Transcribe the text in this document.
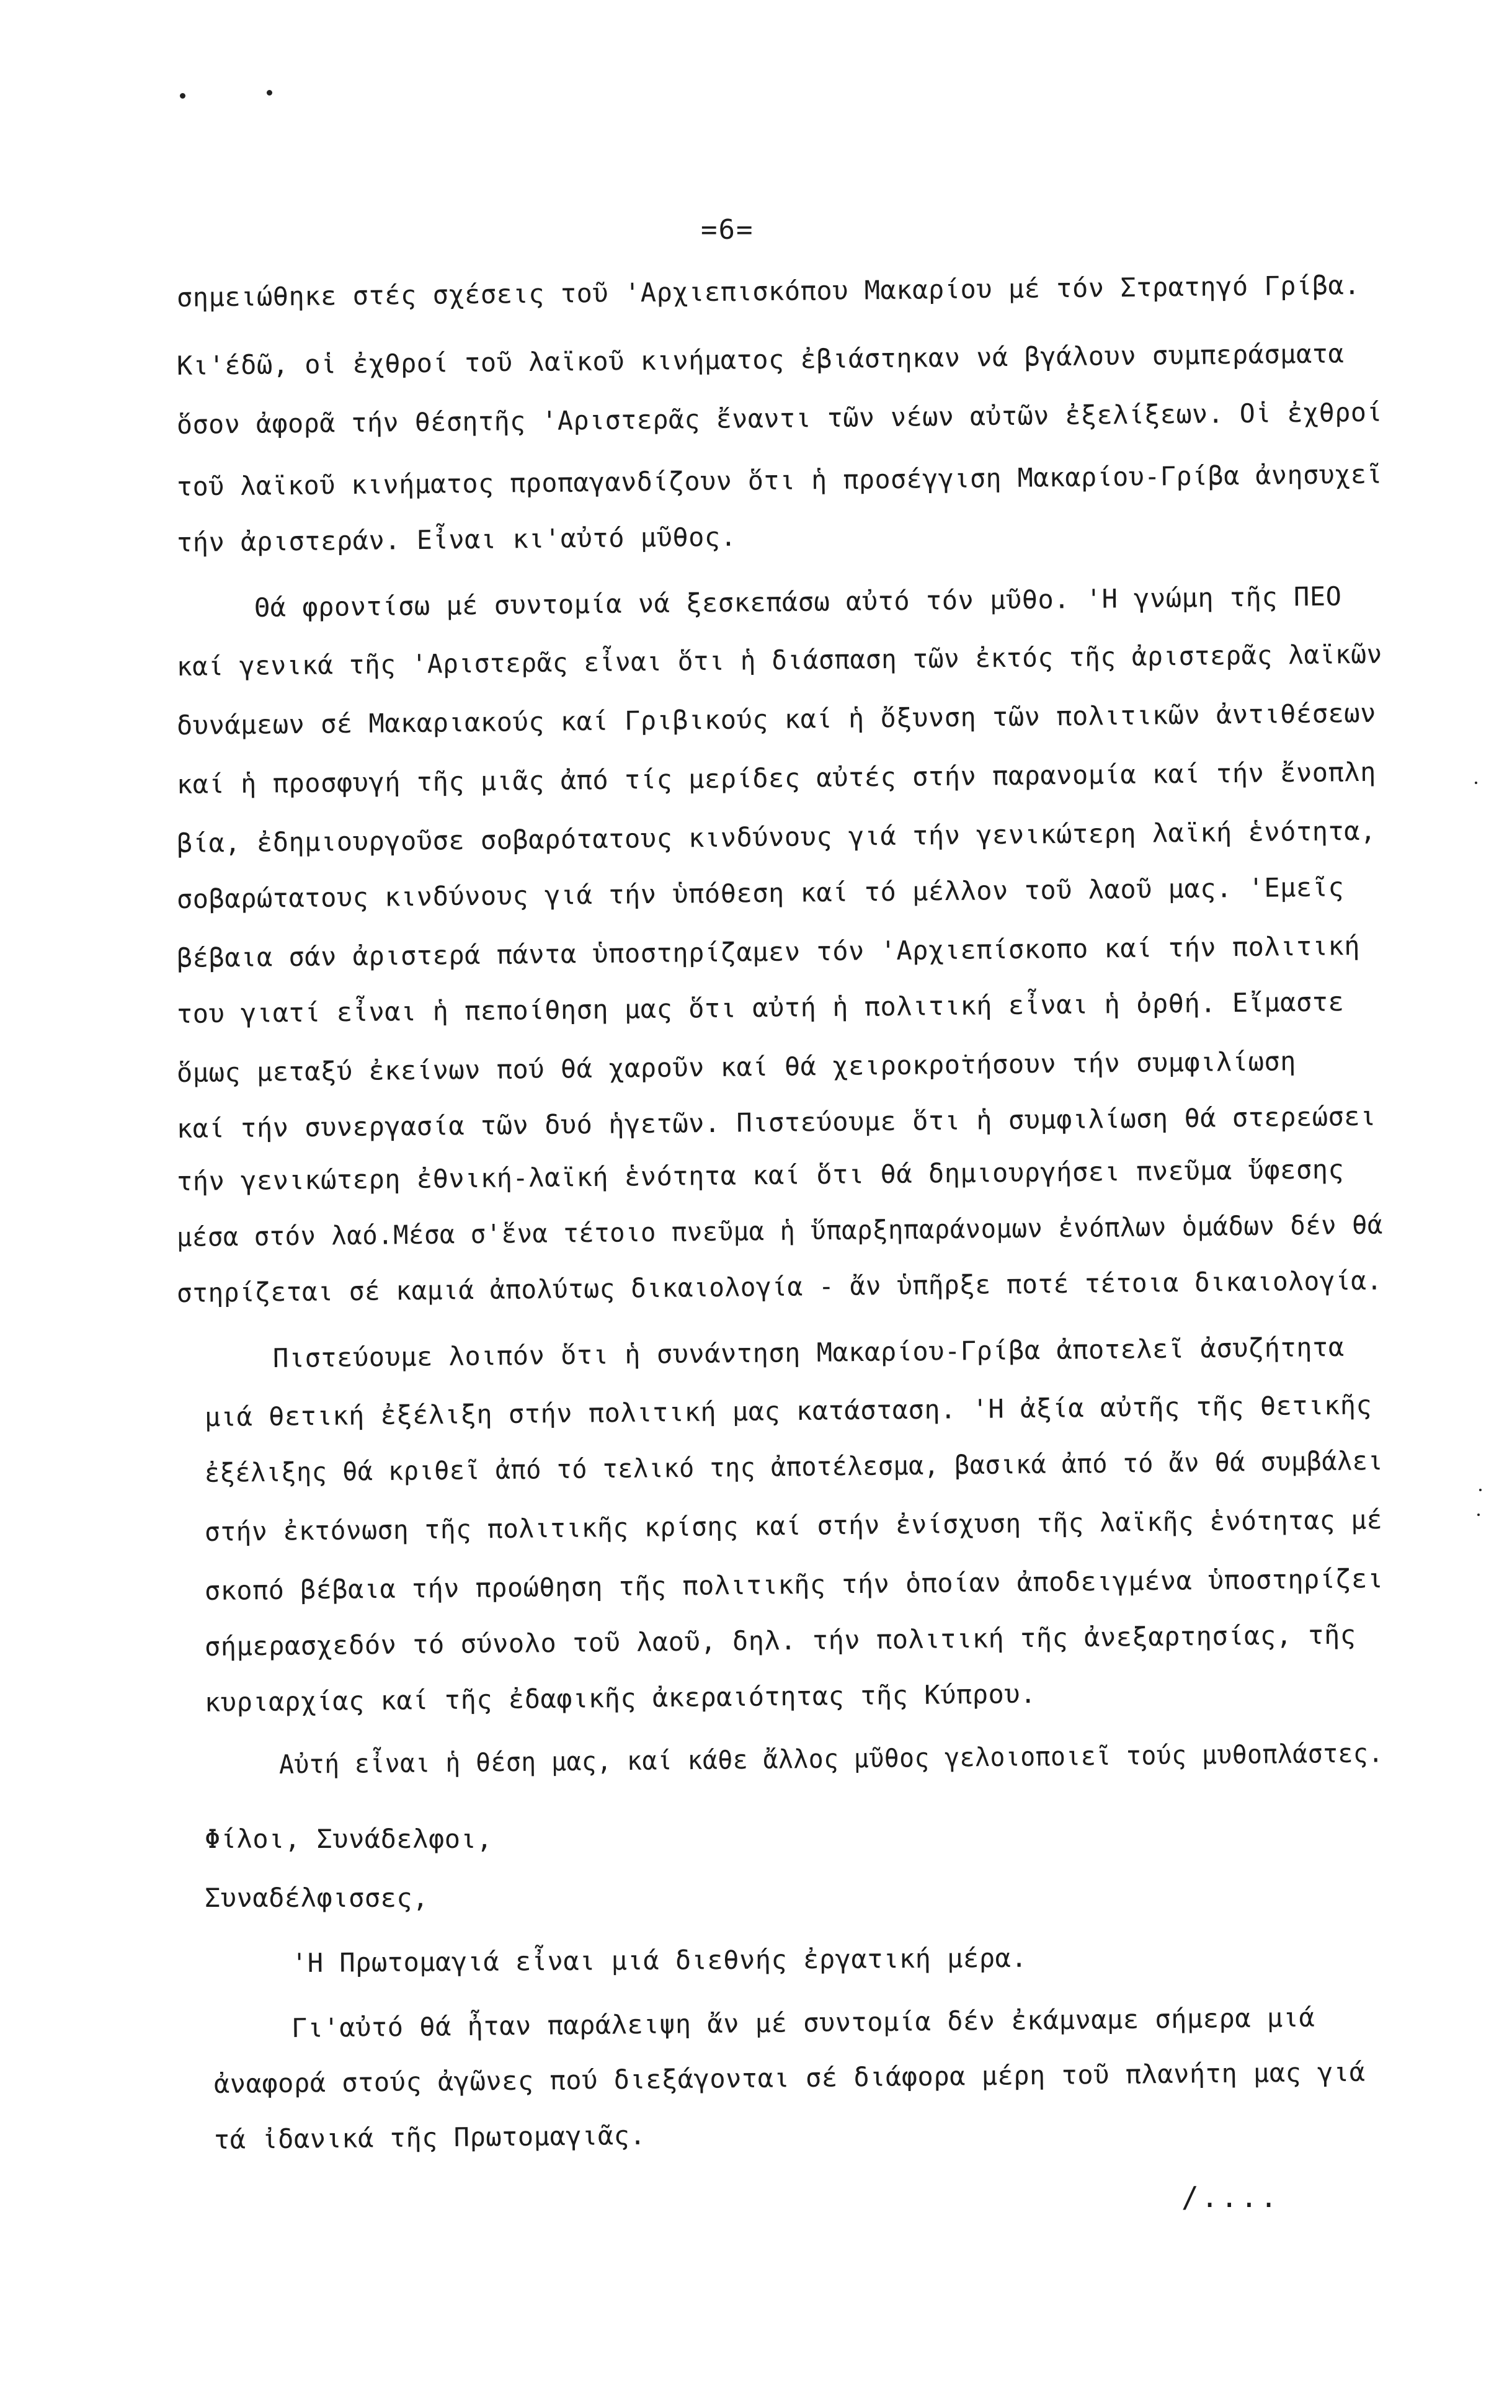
=6=
σημειώθηκε στές σχέσεις τοῦ 'Αρχιεπισκόπου Μακαρίου μέ τόν Στρατηγό Γρίβα.
Κι'έδῶ, οἱ ἐχθροί τοῦ λαϊκοῦ κινήματος ἐβιάστηκαν νά βγάλουν συμπεράσματα
ὅσον ἀφορᾶ τήν θέσητῆς 'Αριστερᾶς ἔναντι τῶν νέων αὐτῶν ἐξελίξεων. Οἱ ἐχθροί
τοῦ λαϊκοῦ κινήματος προπαγανδίζουν ὅτι ἡ προσέγγιση Μακαρίου-Γρίβα ἀνησυχεῖ
τήν ἀριστεράν. Εἶναι κι'αὐτό μῦθος.
Θά φροντίσω μέ συντομία νά ξεσκεπάσω αὐτό τόν μῦθο. 'Η γνώμη τῆς ΠΕΟ
καί γενικά τῆς 'Αριστερᾶς εἶναι ὅτι ἡ διάσπαση τῶν ἐκτός τῆς ἀριστερᾶς λαϊκῶν
δυνάμεων σέ Μακαριακούς καί Γριβικούς καί ἡ ὄξυνση τῶν πολιτικῶν ἀντιθέσεων
καί ἡ προσφυγή τῆς μιᾶς ἀπό τίς μερίδες αὐτές στήν παρανομία καί τήν ἔνοπλη
βία, ἐδημιουργοῦσε σοβαρότατους κινδύνους γιά τήν γενικώτερη λαϊκή ἑνότητα,
σοβαρώτατους κινδύνους γιά τήν ὑπόθεση καί τό μέλλον τοῦ λαοῦ μας. 'Εμεῖς
βέβαια σάν ἀριστερά πάντα ὑποστηρίζαμεν τόν 'Αρχιεπίσκοπο καί τήν πολιτική
του γιατί εἶναι ἡ πεποίθηση μας ὅτι αὐτή ἡ πολιτική εἶναι ἡ ὀρθή. Εἴμαστε
ὅμως μεταξύ ἐκείνων πού θά χαροῦν καί θά χειροκροτήσουν τήν συμφιλίωση
καί τήν συνεργασία τῶν δυό ἡγετῶν. Πιστεύουμε ὅτι ἡ συμφιλίωση θά στερεώσει
τήν γενικώτερη ἐθνική-λαϊκή ἑνότητα καί ὅτι θά δημιουργήσει πνεῦμα ὕφεσης
μέσα στόν λαό.Μέσα σ'ἕνα τέτοιο πνεῦμα ἡ ὕπαρξηπαράνομων ἐνόπλων ὁμάδων δέν θά
στηρίζεται σέ καμιά ἀπολύτως δικαιολογία - ἄν ὑπῆρξε ποτέ τέτοια δικαιολογία.
Πιστεύουμε λοιπόν ὅτι ἡ συνάντηση Μακαρίου-Γρίβα ἀποτελεῖ ἀσυζήτητα
μιά θετική ἐξέλιξη στήν πολιτική μας κατάσταση. 'Η ἀξία αὐτῆς τῆς θετικῆς
ἐξέλιξης θά κριθεῖ ἀπό τό τελικό της ἀποτέλεσμα, βασικά ἀπό τό ἄν θά συμβάλει
στήν ἐκτόνωση τῆς πολιτικῆς κρίσης καί στήν ἐνίσχυση τῆς λαϊκῆς ἑνότητας μέ
σκοπό βέβαια τήν προώθηση τῆς πολιτικῆς τήν ὁποίαν ἀποδειγμένα ὑποστηρίζει
σήμερασχεδόν τό σύνολο τοῦ λαοῦ, δηλ. τήν πολιτική τῆς ἀνεξαρτησίας, τῆς
κυριαρχίας καί τῆς ἐδαφικῆς ἀκεραιότητας τῆς Κύπρου.
Αὐτή εἶναι ἡ θέση μας, καί κάθε ἄλλος μῦθος γελοιοποιεῖ τούς μυθοπλάστες.
Φίλοι, Συνάδελφοι,
Συναδέλφισσες,
'Η Πρωτομαγιά εἶναι μιά διεθνής ἐργατική μέρα.
Γι'αὐτό θά ἦταν παράλειψη ἄν μέ συντομία δέν ἐκάμναμε σήμερα μιά
ἀναφορά στούς ἀγῶνες πού διεξάγονται σέ διάφορα μέρη τοῦ πλανήτη μας γιά
τά ἰδανικά τῆς Πρωτομαγιᾶς.
/....
